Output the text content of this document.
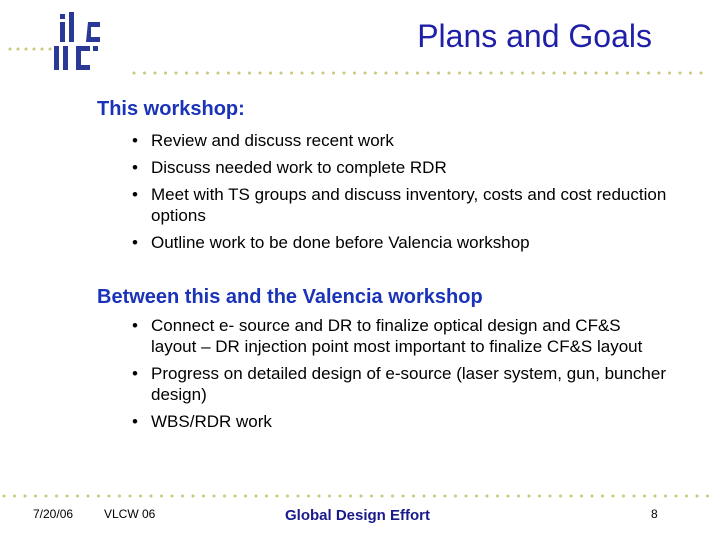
Plans and Goals
This workshop:
• Review and discuss recent work
• Discuss needed work to complete RDR
• Meet with TS groups and discuss inventory, costs and cost reduction options
• Outline work to be done before Valencia workshop
Between this and the Valencia workshop
• Connect e- source and DR to finalize optical design and CF&S layout – DR injection point most important to finalize CF&S layout
• Progress on detailed design of e-source (laser system, gun, buncher design)
• WBS/RDR work
7/20/06	VLCW 06	Global Design Effort	8
